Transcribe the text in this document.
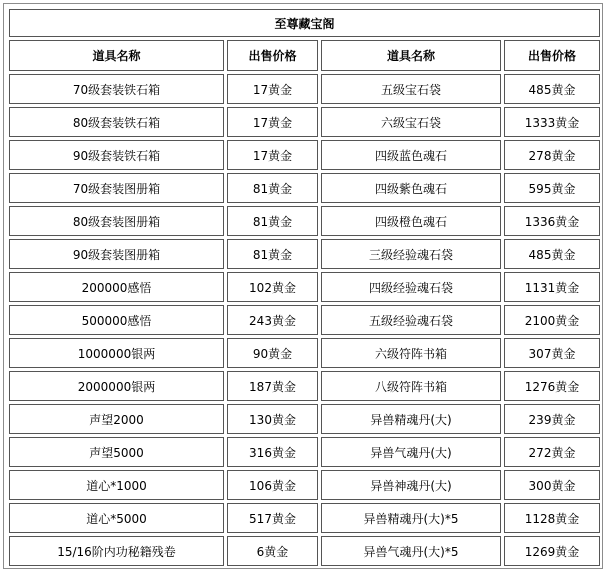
至尊藏宝阁			
道具名称	出售价格	道具名称	出售价格
70级套装铁石箱	17黄金	五级宝石袋	485黄金
80级套装铁石箱	17黄金	六级宝石袋	1333黄金
90级套装铁石箱	17黄金	四级蓝色魂石	278黄金
70级套装图册箱	81黄金	四级紫色魂石	595黄金
80级套装图册箱	81黄金	四级橙色魂石	1336黄金
90级套装图册箱	81黄金	三级经验魂石袋	485黄金
200000感悟	102黄金	四级经验魂石袋	1131黄金
500000感悟	243黄金	五级经验魂石袋	2100黄金
1000000银两	90黄金	六级符阵书箱	307黄金
2000000银两	187黄金	八级符阵书箱	1276黄金
声望2000	130黄金	异兽精魂丹(大)	239黄金
声望5000	316黄金	异兽气魂丹(大)	272黄金
道心*1000	106黄金	异兽神魂丹(大)	300黄金
道心*5000	517黄金	异兽精魂丹(大)*5	1128黄金
15/16阶内功秘籍残卷	6黄金	异兽气魂丹(大)*5	1269黄金
